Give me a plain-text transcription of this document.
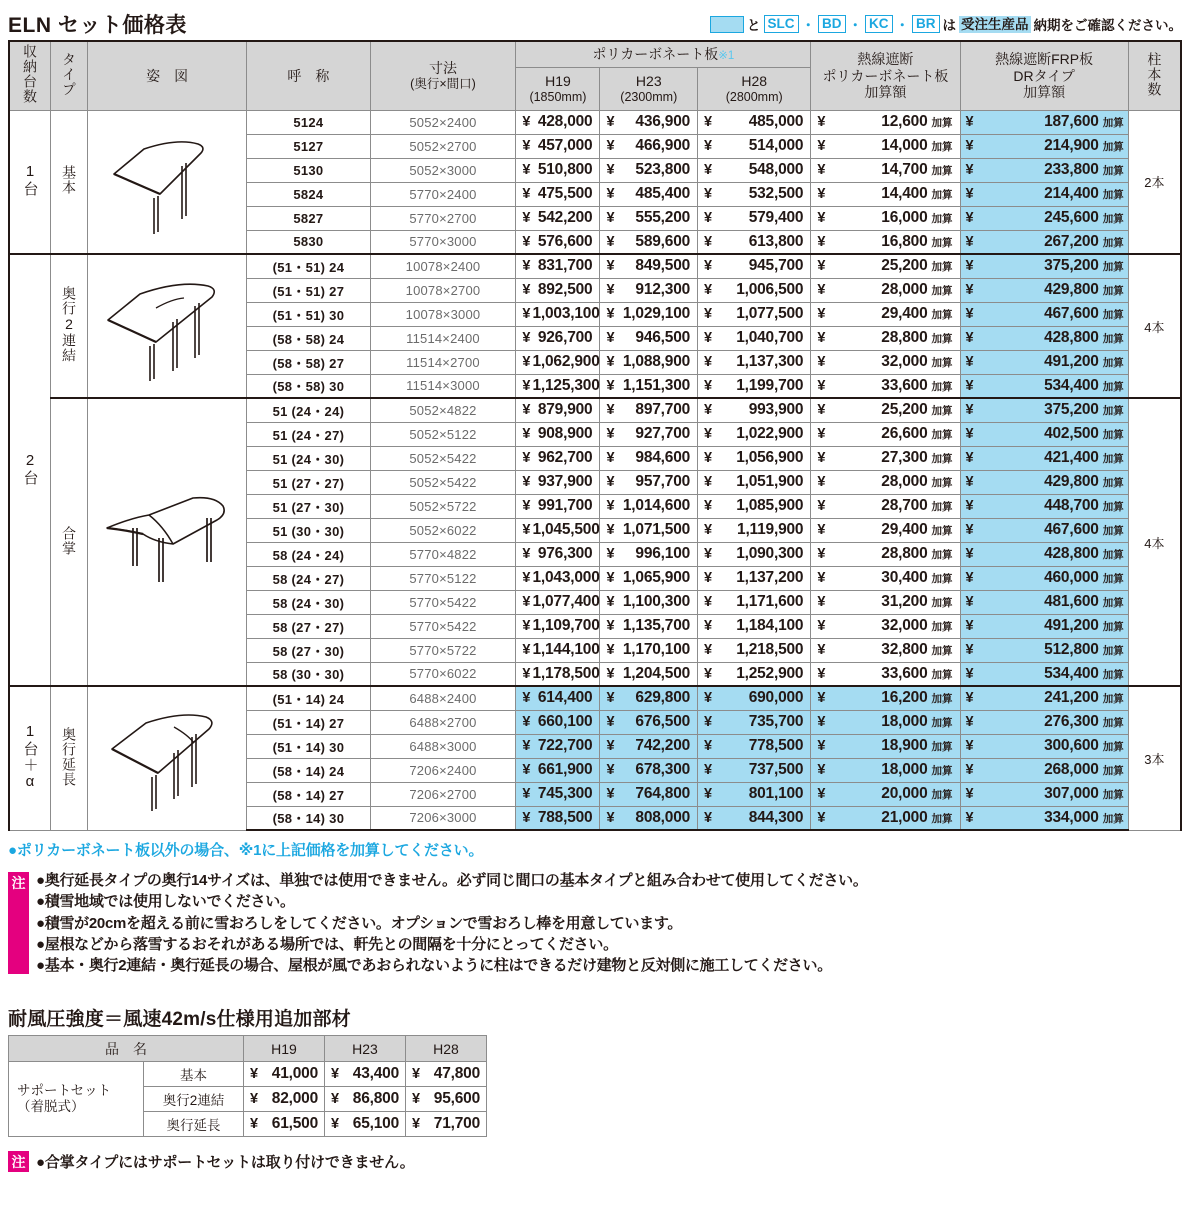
ELN セット価格表	と SLC ・ BD ・ KC ・ BR は 受注生産品 納期をご確認ください。
収納台数	タイプ	姿　図	呼　称	寸法
(奥行×間口)
	ポリカーボネート板※1	熱線遮断
ポリカーボネート板
加算額

熱線遮断FRP板
DRタイプ
加算額	柱本数

H19
(1850mm)

H23
(2300mm)

H28
(2800mm)

1台	基本		5124	5052×2400	¥ 428,000	¥ 436,900	¥ 485,000	¥ 12,600 加算	¥ 187,600 加算	2本
			5127	5052×2700	¥ 457,000	¥ 466,900	¥ 514,000	¥ 14,000 加算	¥ 214,900 加算	

			5130	5052×3000	¥ 510,800	¥ 523,800	¥ 548,000	¥ 14,700 加算	¥ 233,800 加算	

			5824	5770×2400	¥ 475,500	¥ 485,400	¥ 532,500	¥ 14,400 加算	¥ 214,400 加算	

			5827	5770×2700	¥ 542,200	¥ 555,200	¥ 579,400	¥ 16,000 加算	¥ 245,600 加算	

			5830	5770×3000	¥ 576,600	¥ 589,600	¥ 613,800	¥ 16,800 加算	¥ 267,200 加算	

2台	奥行2連結		(51・51) 24	10078×2400	¥ 831,700	¥ 849,500	¥ 945,700	¥ 25,200 加算	¥ 375,200 加算	4本
			(51・51) 27	10078×2700	¥ 892,500	¥ 912,300	¥ 1,006,500	¥ 28,000 加算	¥ 429,800 加算	

			(51・51) 30	10078×3000	¥ 1,003,100	¥ 1,029,100	¥ 1,077,500	¥ 29,400 加算	¥ 467,600 加算	

			(58・58) 24	11514×2400	¥ 926,700	¥ 946,500	¥ 1,040,700	¥ 28,800 加算	¥ 428,800 加算	

			(58・58) 27	11514×2700	¥ 1,062,900	¥ 1,088,900	¥ 1,137,300	¥ 32,000 加算	¥ 491,200 加算	

			(58・58) 30	11514×3000	¥ 1,125,300	¥ 1,151,300	¥ 1,199,700	¥ 33,600 加算	¥ 534,400 加算	

	合掌		51 (24・24)	5052×4822	¥ 879,900	¥ 897,700	¥ 993,900	¥ 25,200 加算	¥ 375,200 加算	4本
			51 (24・27)	5052×5122	¥ 908,900	¥ 927,700	¥ 1,022,900	¥ 26,600 加算	¥ 402,500 加算	

			51 (24・30)	5052×5422	¥ 962,700	¥ 984,600	¥ 1,056,900	¥ 27,300 加算	¥ 421,400 加算	

			51 (27・27)	5052×5422	¥ 937,900	¥ 957,700	¥ 1,051,900	¥ 28,000 加算	¥ 429,800 加算	

			51 (27・30)	5052×5722	¥ 991,700	¥ 1,014,600	¥ 1,085,900	¥ 28,700 加算	¥ 448,700 加算	

			51 (30・30)	5052×6022	¥ 1,045,500	¥ 1,071,500	¥ 1,119,900	¥ 29,400 加算	¥ 467,600 加算	

			58 (24・24)	5770×4822	¥ 976,300	¥ 996,100	¥ 1,090,300	¥ 28,800 加算	¥ 428,800 加算	

			58 (24・27)	5770×5122	¥ 1,043,000	¥ 1,065,900	¥ 1,137,200	¥ 30,400 加算	¥ 460,000 加算	

			58 (24・30)	5770×5422	¥ 1,077,400	¥ 1,100,300	¥ 1,171,600	¥ 31,200 加算	¥ 481,600 加算	

			58 (27・27)	5770×5422	¥ 1,109,700	¥ 1,135,700	¥ 1,184,100	¥ 32,000 加算	¥ 491,200 加算	

			58 (27・30)	5770×5722	¥ 1,144,100	¥ 1,170,100	¥ 1,218,500	¥ 32,800 加算	¥ 512,800 加算	

			58 (30・30)	5770×6022	¥ 1,178,500	¥ 1,204,500	¥ 1,252,900	¥ 33,600 加算	¥ 534,400 加算	

1台＋α	奥行延長		(51・14) 24	6488×2400	¥ 614,400	¥ 629,800	¥ 690,000	¥ 16,200 加算	¥ 241,200 加算	3本
			(51・14) 27	6488×2700	¥ 660,100	¥ 676,500	¥ 735,700	¥ 18,000 加算	¥ 276,300 加算	

			(51・14) 30	6488×3000	¥ 722,700	¥ 742,200	¥ 778,500	¥ 18,900 加算	¥ 300,600 加算	

			(58・14) 24	7206×2400	¥ 661,900	¥ 678,300	¥ 737,500	¥ 18,000 加算	¥ 268,000 加算	

			(58・14) 27	7206×2700	¥ 745,300	¥ 764,800	¥ 801,100	¥ 20,000 加算	¥ 307,000 加算	

			(58・14) 30	7206×3000	¥ 788,500	¥ 808,000	¥ 844,300	¥ 21,000 加算	¥ 334,000 加算	
●ポリカーボネート板以外の場合、※1に上記価格を加算してください。
注 ●奥行延長タイプの奥行14サイズは、単独では使用できません。必ず同じ間口の基本タイプと組み合わせて使用してください。
●積雪地域では使用しないでください。
●積雪が20cmを超える前に雪おろしをしてください。オプションで雪おろし棒を用意しています。
●屋根などから落雪するおそれがある場所では、軒先との間隔を十分にとってください。
●基本・奥行2連結・奥行延長の場合、屋根が風であおられないように柱はできるだけ建物と反対側に施工してください。
耐風圧強度＝風速42m/s仕様用追加部材
品　名		H19	H23	H28

サポートセット
（着脱式）
	基本	¥ 41,000	¥ 43,400	¥ 47,800

	奥行2連結	¥ 82,000	¥ 86,800	¥ 95,600

	奥行延長	¥ 61,500	¥ 65,100	¥ 71,700
注 ●合掌タイプにはサポートセットは取り付けできません。
